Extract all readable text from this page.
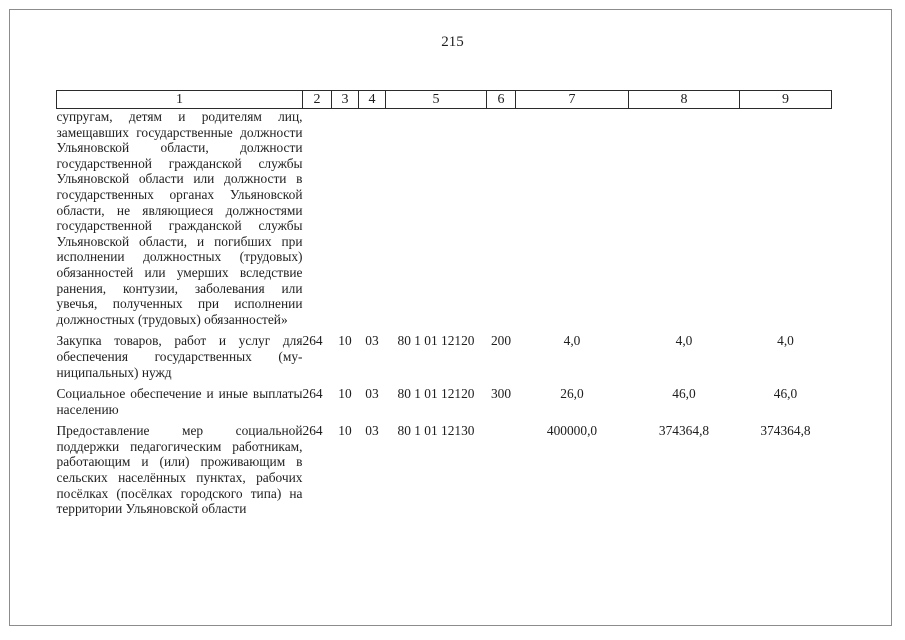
215
1	2	3	4	5	6	7	8	9
супругам, детям и родителям лиц, замещавших государственные должности Ульяновской области, должности государственной гражданской службы Ульяновской области или должности в государственных органах Ульяновской области, не являющиеся должностями государственной гражданской службы Ульяновской области, и погибших при исполнении должностных (трудовых) обязанностей или умерших вследствие ранения, контузии, заболевания или увечья, полученных при исполнении должностных (трудовых) обязанностей»								
Закупка товаров, работ и услуг для обеспечения государственных (муниципальных) нужд	264	10	03	80 1 01 12120	200	4,0	4,0	4,0
Социальное обеспечение и иные выплаты населению	264	10	03	80 1 01 12120	300	26,0	46,0	46,0
Предоставление мер социальной поддержки педагогическим работникам, работающим и (или) проживающим в сельских населённых пунктах, рабочих посёлках (посёлках городского типа) на территории Ульяновской области	264	10	03	80 1 01 12130		400000,0	374364,8	374364,8
